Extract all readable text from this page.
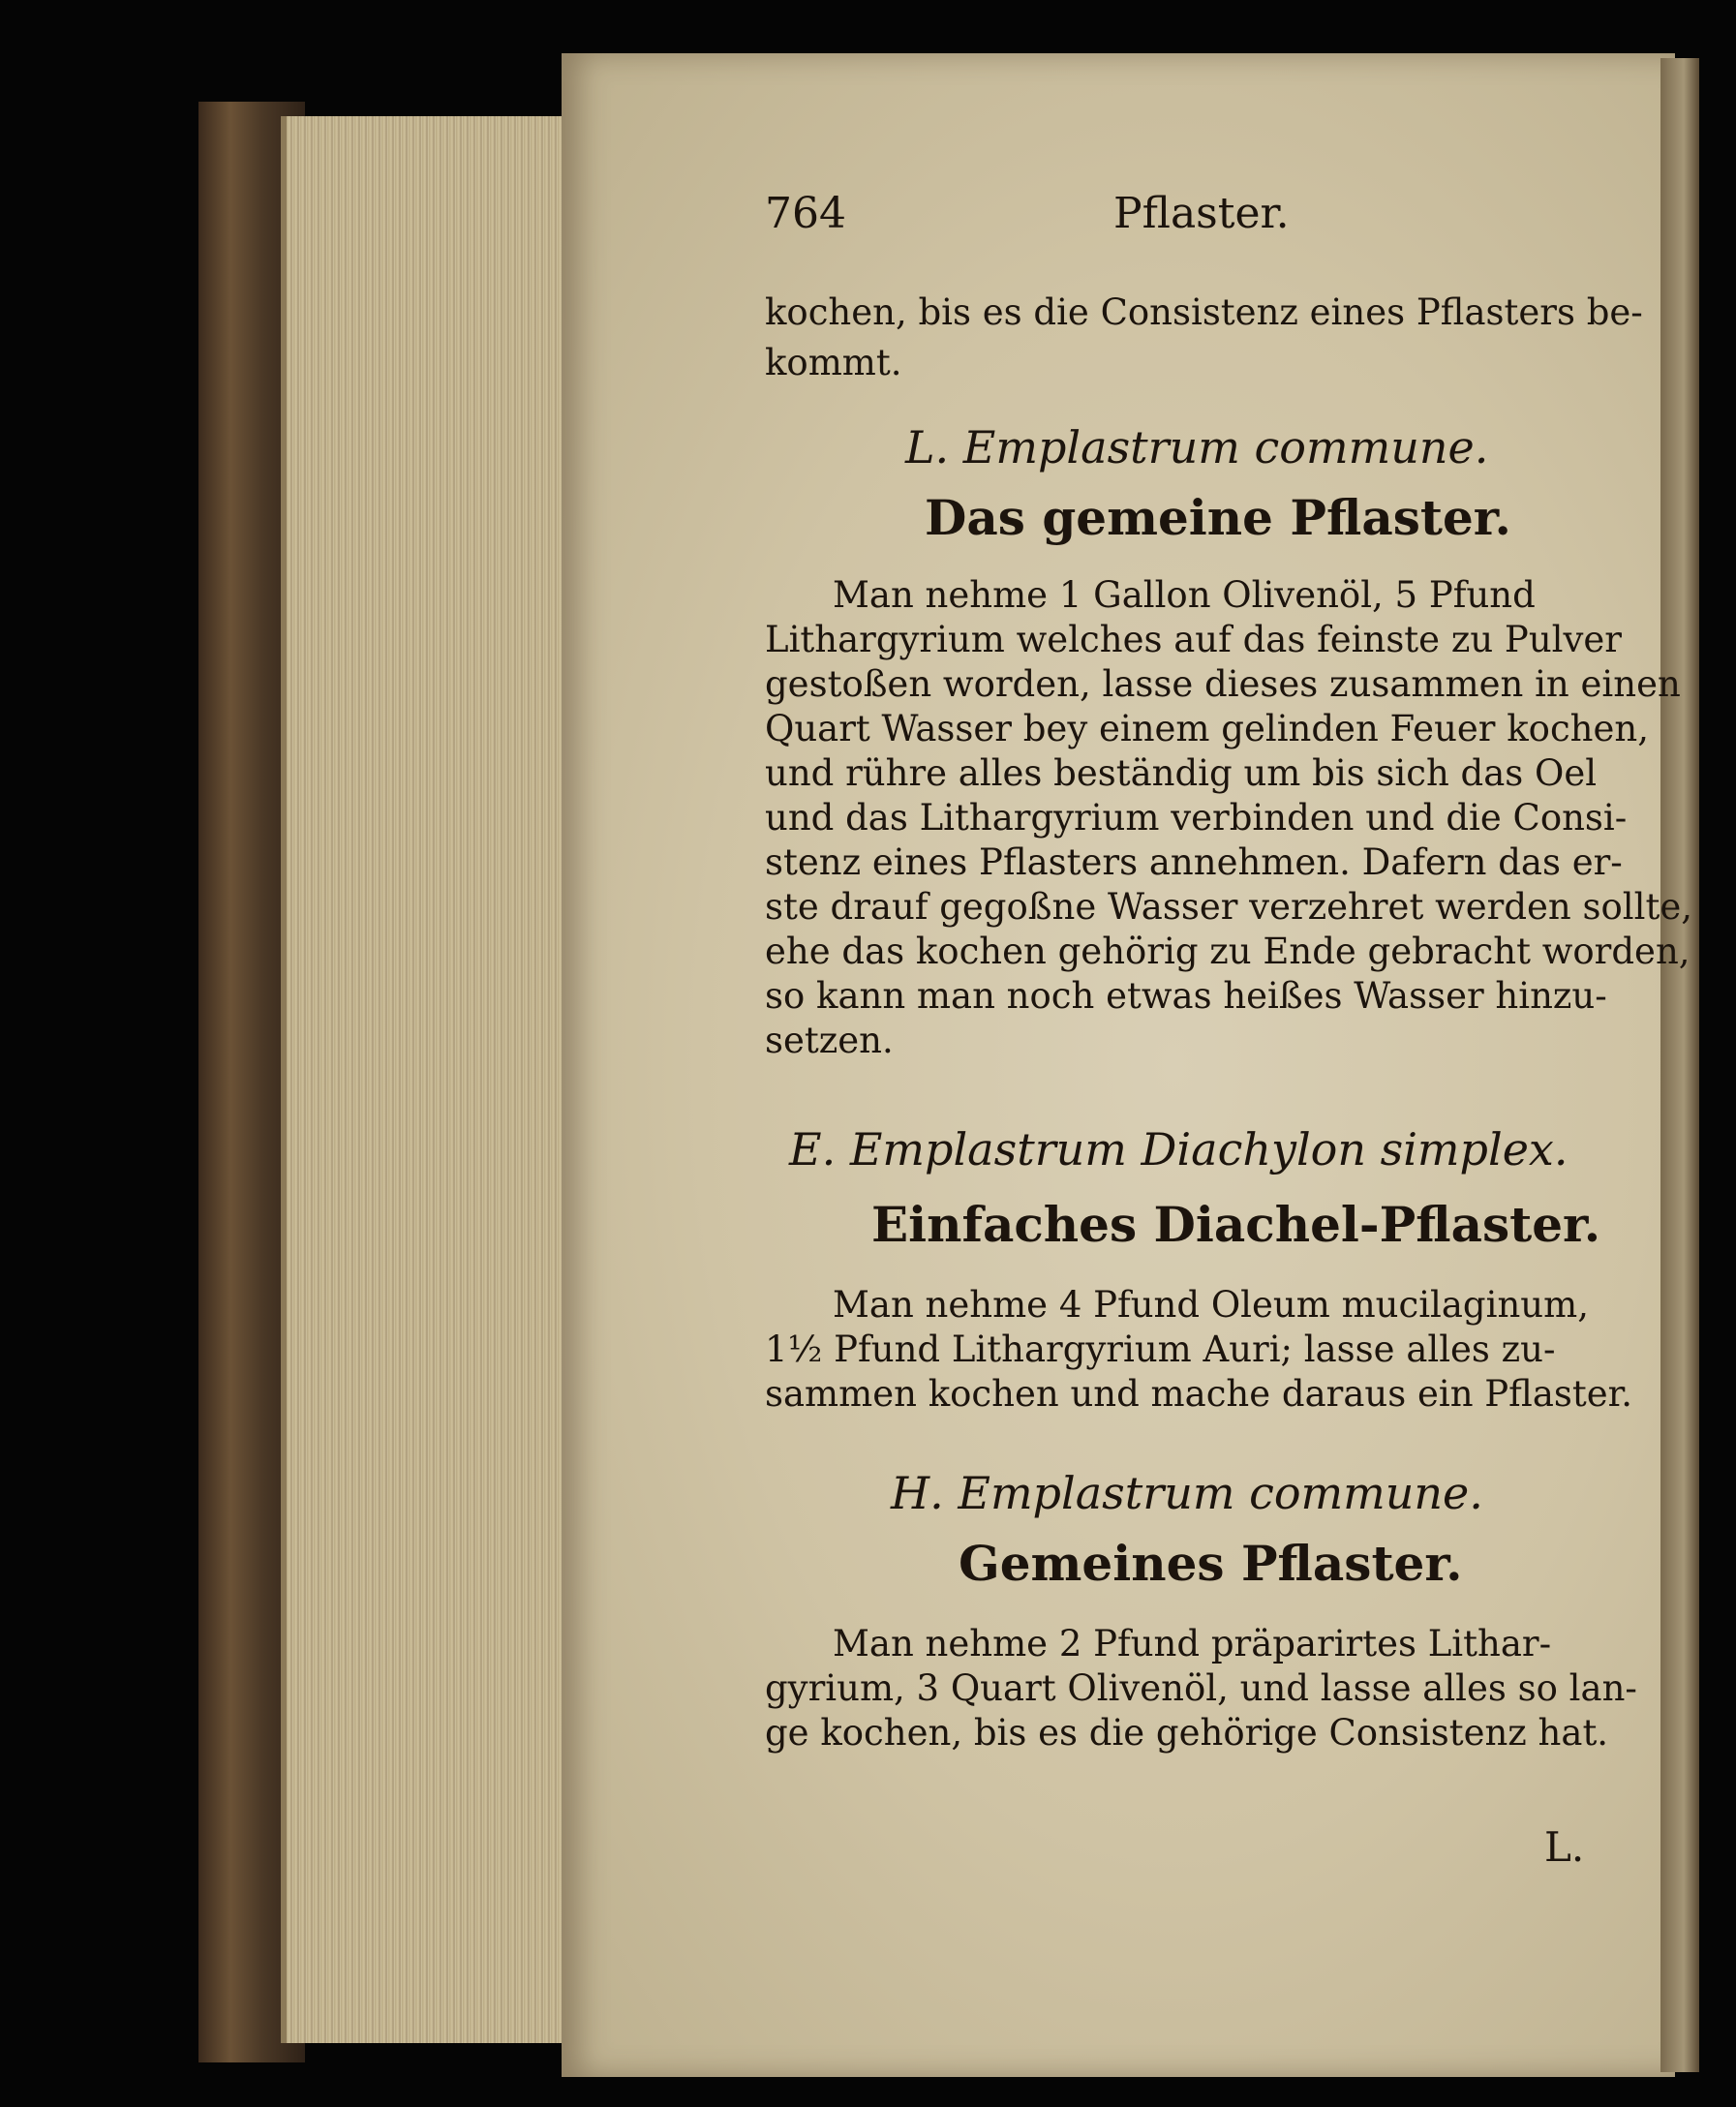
764	Pflaster.
kochen, bis es die Consistenz eines Pflasters be-
kommt.
L. Emplastrum commune.
Das gemeine Pflaster.
Man nehme 1 Gallon Olivenöl, 5 Pfund
Lithargyrium welches auf das feinste zu Pulver
gestoßen worden, lasse dieses zusammen in einen
Quart Wasser bey einem gelinden Feuer kochen,
und rühre alles beständig um bis sich das Oel
und das Lithargyrium verbinden und die Consi-
stenz eines Pflasters annehmen. Dafern das er-
ste drauf gegoßne Wasser verzehret werden sollte,
ehe das kochen gehörig zu Ende gebracht worden,
so kann man noch etwas heißes Wasser hinzu-
setzen.
E. Emplastrum Diachylon simplex.
Einfaches Diachel-Pflaster.
Man nehme 4 Pfund Oleum mucilaginum,
1½ Pfund Lithargyrium Auri; lasse alles zu-
sammen kochen und mache daraus ein Pflaster.
H. Emplastrum commune.
Gemeines Pflaster.
Man nehme 2 Pfund präparirtes Lithar-
gyrium, 3 Quart Olivenöl, und lasse alles so lan-
ge kochen, bis es die gehörige Consistenz hat.
L.
